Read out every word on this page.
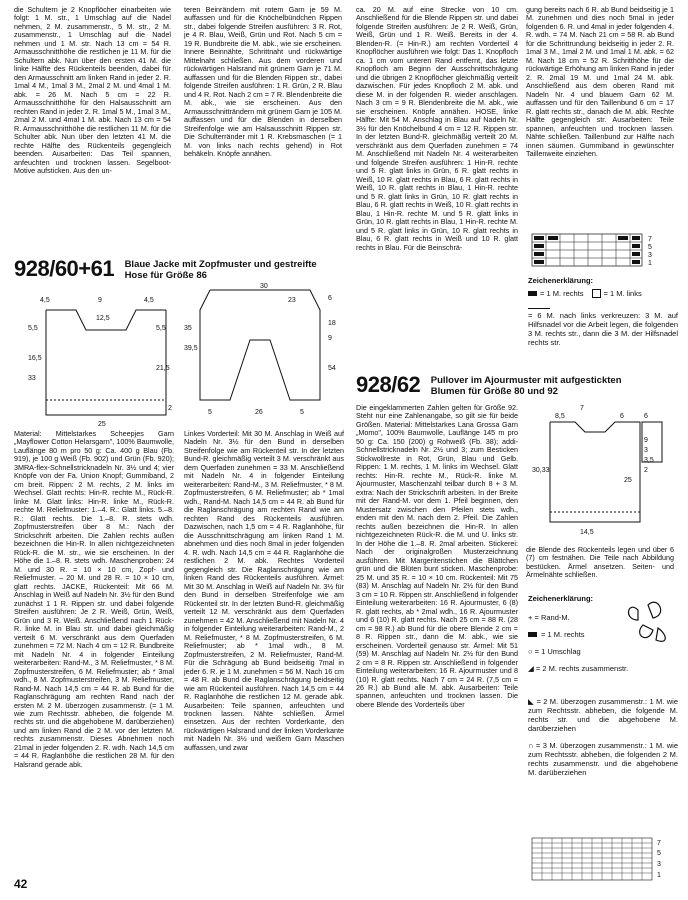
die Schultern je 2 Knopflöcher einarbeiten wie folgt: 1 M. str., 1 Umschlag auf die Nadel nehmen, 2 M. zusammenstr., 5 M. str., 2 M. zusammenstr., 1 Umschlag auf die Nadel nehmen und 1 M. str. Nach 13 cm = 54 R. Armausschnitthöhe die restlichen je 11 M. für die Schultern abk. Nun über den ersten 41 M. die linke Hälfte des Rückenteils beenden, dabei für den Armausschnitt am linken Rand in jeder 2. R. 1mal 4 M., 1mal 3 M., 2mal 2 M. und 4mal 1 M. abk. = 26 M. Nach 5 cm = 22 R. Armausschnitthöhe für den Halsausschnitt am rechten Rand in jeder 2. R. 1mal 5 M., 1mal 3 M., 2mal 2 M. und 4mal 1 M. abk. Nach 13 cm = 54 R. Armausschnitthöhe die restlichen 11 M. für die Schulter abk. Nun über den letzten 41 M. die rechte Hälfte des Rückenteils gegengleich beenden. Ausarbeiten: Das Teil spannen, anfeuchten und trocknen lassen. Segelboot-Motive aufsticken. Aus den un-

teren Beinrändern mit rotem Garn je 59 M. auffassen und für die Knöchelbündchen Rippen str., dabei folgende Streifen ausführen: 3 R. Rot, je 4 R. Blau, Weiß, Grün und Rot. Nach 5 cm = 19 R. Bundbreite die M. abk., wie sie erscheinen. Innere Beinnähte, Schrittnaht und rückwärtige Mittelnaht schließen. Aus dem vorderen und rückwärtigen Halsrand mit grünem Garn je 71 M. auffassen und für die Blenden Rippen str., dabei folgende Streifen ausführen: 1 R. Grün, 2 R. Blau und 4 R. Rot. Nach 2 cm = 7 R. Blendenbreite die M. abk., wie sie erscheinen. Aus den Armausschnitträndern mit grünem Garn je 105 M. auffassen und für die Blenden in derselben Streifenfolge wie am Halsausschnitt Rippen str. Die Schulterränder mit 1 R. Krebsmaschen (= 1 M. von links nach rechts gehend) in Rot behäkeln. Knöpfe annähen.

928/60+61 Blaue Jacke mit Zopfmuster und gestreifte Hose für Größe 86
4,5	9	4,5
5,5
12,5
5,5
16,5
33
21,5
2
25
30
23	6
18
9
35
39,5
54
5	26	5

ca. 20 M. auf eine Strecke von 10 cm. Anschließend für die Blende Rippen str. und dabei folgende Streifen ausführen: Je 2 R. Weiß, Grün, Weiß, Grün und 1 R. Weiß. Bereits in der 4. Blenden-R. (= Hin-R.) am rechten Vorderteil 4 Knopflöcher ausführen wie folgt: Das 1. Knopfloch ca. 1 cm vom unteren Rand entfernt, das letzte Knopfloch am Beginn der Ausschnittschrägung und die übrigen 2 Knopflöcher gleichmäßig verteilt dazwischen. Für jedes Knopfloch 2 M. abk. und diese M. in der folgenden R. wieder anschlagen. Nach 3 cm = 9 R. Blendenbreite die M. abk., wie sie erscheinen. Knöpfe annähen. HOSE, linke Hälfte: Mit 54 M. Anschlag in Blau auf Nadeln Nr. 3½ für den Knöchelbund 4 cm = 12 R. Rippen str. In der letzten Bund-R. gleichmäßig verteilt 20 M. verschränkt aus dem Querfaden zunehmen = 74 M. Anschließend mit Nadeln Nr. 4 weiterarbeiten und folgende Streifen ausführen: 1 Hin-R. rechte und 5 R. glatt links in Grün, 6 R. glatt rechts in Weiß, 10 R. glatt rechts in Blau, 6 R. glatt rechts in Weiß, 10 R. glatt rechts in Blau, 1 Hin-R. rechte und 5 R. glatt links in Grün, 10 R. glatt rechts in Blau, 6 R. glatt rechts in Weiß, 10 R. glatt rechts in Blau, 1 Hin-R. rechte M. und 5 R. glatt links in Grün, 10 R. glatt rechts in Blau, 1 Hin-R. rechte M. und 5 R. glatt links in Grün, 10 R. glatt rechts in Blau, 6 R. glatt rechts in Weiß und 10 R. glatt rechts in Blau. Für die Beinschrä-

gung bereits nach 6 R. ab Bund beidseitig je 1 M. zunehmen und dies noch 5mal in jeder folgenden 6. R. und 4mal in jeder folgenden 4. R. wdh. = 74 M. Nach 21 cm = 58 R. ab Bund für die Schrittrundung beidseitig in jeder 2. R. 1mal 3 M., 1mal 2 M. und 1mal 1 M. abk. = 62 M. Nach 18 cm = 52 R. Schritthöhe für die rückwärtige Erhöhung am linken Rand in jeder 2. R. 2mal 19 M. und 1mal 24 M. abk. Anschließend aus dem oberen Rand mit Nadeln Nr. 4 und blauem Garn 62 M. auffassen und für den Taillenbund 6 cm = 17 R. glatt rechts str., danach die M. abk. Rechte Hälfte gegengleich str. Ausarbeiten: Teile spannen, anfeuchten und trocknen lassen. Nähte schließen. Taillenbund zur Hälfte nach innen säumen. Gummiband in gewünschter Taillenweite einziehen.

7
5
3
1
Zeichenerklärung:
= 1 M. rechts	= 1 M. links
= 6 M. nach links verkreuzen: 3 M. auf Hilfsnadel vor die Arbeit legen, die folgenden 3 M. rechts str., dann die 3 M. der Hilfsnadel rechts str.

Material: Mittelstarkes Scheepjes Garn „Mayflower Cotton Helarsgarn", 100% Baumwolle, Lauflänge 80 m pro 50 g: Ca. 400 g Blau (Fb. 919), je 100 g Weiß (Fb. 902) und Grün (Fb. 920); 3MRA-flex-Schnellstricknadeln Nr. 3½ und 4; vier Knöpfe von der Fa. Union Knopf; Gummiband, 2 cm breit. Rippen: 2 M. rechts, 2 M. links im Wechsel. Glatt rechts: Hin-R. rechte M., Rück-R. linke M. Glatt links: Hin-R. linke M., Rück-R. rechte M. Reliefmuster: 1.–4. R.: Glatt links. 5.–8. R.: Glatt rechts. Die 1.–8. R. stets wdh. Zopfmusterstreifen über 8 M.: Nach der Strickschrift arbeiten. Die Zahlen rechts außen bezeichnen die Hin-R. In allen nichtgezeichneten Rück-R. die M. str., wie sie erscheinen. In der Höhe die 1.–8. R. stets wdh. Maschenproben: 24 M. und 30 R. = 10 × 10 cm, Zopf- und Reliefmuster. – 20 M. und 28 R. = 10 × 10 cm, glatt rechts. JACKE, Rückenteil: Mit 66 M. Anschlag in Weiß auf Nadeln Nr. 3½ für den Bund zunächst 1 1 R. Rippen str. und dabei folgende Streifen ausführen: Je 2 R. Weiß, Grün, Weiß, Grün und 3 R. Weiß. Anschließend nach 1 Rück-R. linke M. in Blau str. und dabei gleichmäßig verteilt 6 M. verschränkt aus dem Querfaden zunehmen = 72 M. Nach 4 cm = 12 R. Bundbreite mit Nadeln Nr. 4 in folgender Einteilung weiterarbeiten: Rand-M., 3 M. Reliefmuster, * 8 M. Zopfmusterstreifen, 6 M. Reliefmuster; ab * 3mal wdh., 8 M. Zopfmusterstreifen, 3 M. Reliefmuster, Rand-M. Nach 14,5 cm = 44 R. ab Bund für die Raglanschrägung am rechten Rand nach der ersten M. 2 M. überzogen zusammenstr. (= 1 M. wie zum Rechtsstr. abheben, die folgende M. rechts str. und die abgehobene M. darüberziehen) und am linken Rand die 2 M. vor der letzten M. rechts zusammenstr. Dieses Abnehmen noch 21mal in jeder folgenden 2. R. wdh. Nach 14,5 cm = 44 R. Raglanhöhe die restlichen 28 M. für den Halsrand gerade abk.

Linkes Vorderteil: Mit 30 M. Anschlag in Weiß auf Nadeln Nr. 3½ für den Bund in derselben Streifenfolge wie am Rückenteil str. In der letzten Bund-R. gleichmäßig verteilt 3 M. verschränkt aus dem Querfaden zunehmen = 33 M. Anschließend mit Nadeln Nr. 4 in folgender Einteilung weiterarbeiten: Rand-M., 3 M. Reliefmuster, * 8 M. Zopfmusterstreifen, 6 M. Reliefmuster; ab * 1mal wdh., Rand-M. Nach 14,5 cm = 44 R. ab Bund für die Raglanschrägung am rechten Rand wie am rechten Rand des Rückenteils ausführen. Dazwischen, nach 1,5 cm = 4 R. Raglanhöhe, für die Ausschnittschrägung am linken Rand 1 M. abnehmen und dies noch 8mal in jeder folgenden 4. R. wdh. Nach 14,5 cm = 44 R. Raglanhöhe die restlichen 2 M. abk. Rechtes Vorderteil gegengleich str. Die Raglanschrägung wie am linken Rand des Rückenteils ausführen. Ärmel: Mit 30 M. Anschlag in Weiß auf Nadeln Nr. 3½ für den Bund in derselben Streifenfolge wie am Rückenteil str. In der letzten Bund-R. gleichmäßig verteilt 12 M. verschränkt aus dem Querfaden zunehmen = 42 M. Anschließend mit Nadeln Nr. 4 in folgender Einteilung weiterarbeiten: Rand-M., 2 M. Reliefmuster, * 8 M. Zopfmusterstreifen, 6 M. Reliefmuster; ab * 1mal wdh., 8 M. Zopfmusterstreifen, 2 M. Reliefmuster, Rand-M. Für die Schrägung ab Bund beidseitig 7mal in jeder 6. R. je 1 M. zunehmen = 56 M. Nach 16 cm = 48 R. ab Bund die Raglanschrägung beidseitig wie am Rückenteil ausführen. Nach 14,5 cm = 44 R. Raglanhöhe die restlichen 12 M. gerade abk. Ausarbeiten: Teile spannen, anfeuchten und trocknen lassen. Nähte schließen. Ärmel einsetzen. Aus der rechten Vorderkante, den rückwärtigen Halsrand und der linken Vorderkante mit Nadeln Nr. 3½ und weißem Garn Maschen auffassen, und zwar

928/62 Pullover im Ajourmuster mit aufgestickten Blumen für Größe 80 und 92

Die eingeklammerten Zahlen gelten für Größe 92. Steht nur eine Zahlenangabe, so gilt sie für beide Größen. Material: Mittelstarkes Lana Grossa Garn „Momo", 100% Baumwolle, Lauflänge 145 m pro 50 g: Ca. 150 (200) g Rohweiß (Fb. 38); addi-Schnellstricknadeln Nr. 2½ und 3; zum Besticken Stickwollreste in Rot, Grün, Blau und Gelb. Rippen: 1 M. rechts, 1 M. links im Wechsel. Glatt rechts: Hin-R. rechte M., Rück-R. linke M. Ajourmuster, Maschenzahl teilbar durch 8 + 3 M. extra: Nach der Strickschrift arbeiten. In der Breite mit der Rand-M. vor dem 1. Pfeil beginnen, den Mustersatz zwischen den Pfeilen stets wdh., enden mit den M. nach dem 2. Pfeil. Die Zahlen rechts außen bezeichnen die Hin-R. In allen nichtgezeichneten Rück-R. die M. und U. links str. In der Höhe die 1.–8. R. 2mal arbeiten. Stickerei: Nach der originalgroßen Musterzeichnung ausführen. Mit Margeritenstichen die Blättchen grün und die Blüten bunt sticken. Maschenprobe: 25 M. und 35 R. = 10 × 10 cm. Rückenteil: Mit 75 (83) M. Anschlag auf Nadeln Nr. 2½ für den Bund 3 cm = 10 R. Rippen str. Anschließend in folgender Einteilung weiterarbeiten: 16 R. Ajourmuster, 6 (8) R. glatt rechts, ab * 2mal wdh., 16 R. Ajourmuster und 6 (10) R. glatt rechts. Nach 25 cm = 88 R. (28 cm = 98 R.) ab Bund für die obere Blende 2 cm = 8 R. Rippen str., dann die M. abk., wie sie erscheinen. Vorderteil genauso str. Ärmel: Mit 51 (59) M. Anschlag auf Nadeln Nr. 2½ für den Bund 2 cm = 8 R. Rippen str. Anschließend in folgender Einteilung weiterarbeiten: 16 R. Ajourmuster und 8 (10) R. glatt rechts. Nach 7 cm = 24 R. (7,5 cm = 26 R.) ab Bund alle M. abk. Ausarbeiten: Teile spannen, anfeuchten und trocknen lassen. Die obere Blende des Vorderteils über

7
8,5	6	6
2
25
30,33
14,5
9
3
3,5

die Blende des Rückenteils legen und über 6 (7) cm festnähen. Die Teile nach Abbildung bestücken. Ärmel ansetzen. Seiten- und Ärmelnähte schließen.

Zeichenerklärung:
+ = Rand-M.
= 1 M. rechts
○ = 1 Umschlag
◢ = 2 M. rechts zusammenstr.
◣ = 2 M. überzogen zusammenstr.: 1 M. wie zum Rechtsstr. abheben, die folgende M. rechts str. und die abgehobene M. darüberziehen
∩ = 3 M. überzogen zusammenstr.: 1 M. wie zum Rechtsstr. abheben, die folgenden 2 M. rechts zusammenstr. und die abgehobene M. darüberziehen
7
5
3
1
42
